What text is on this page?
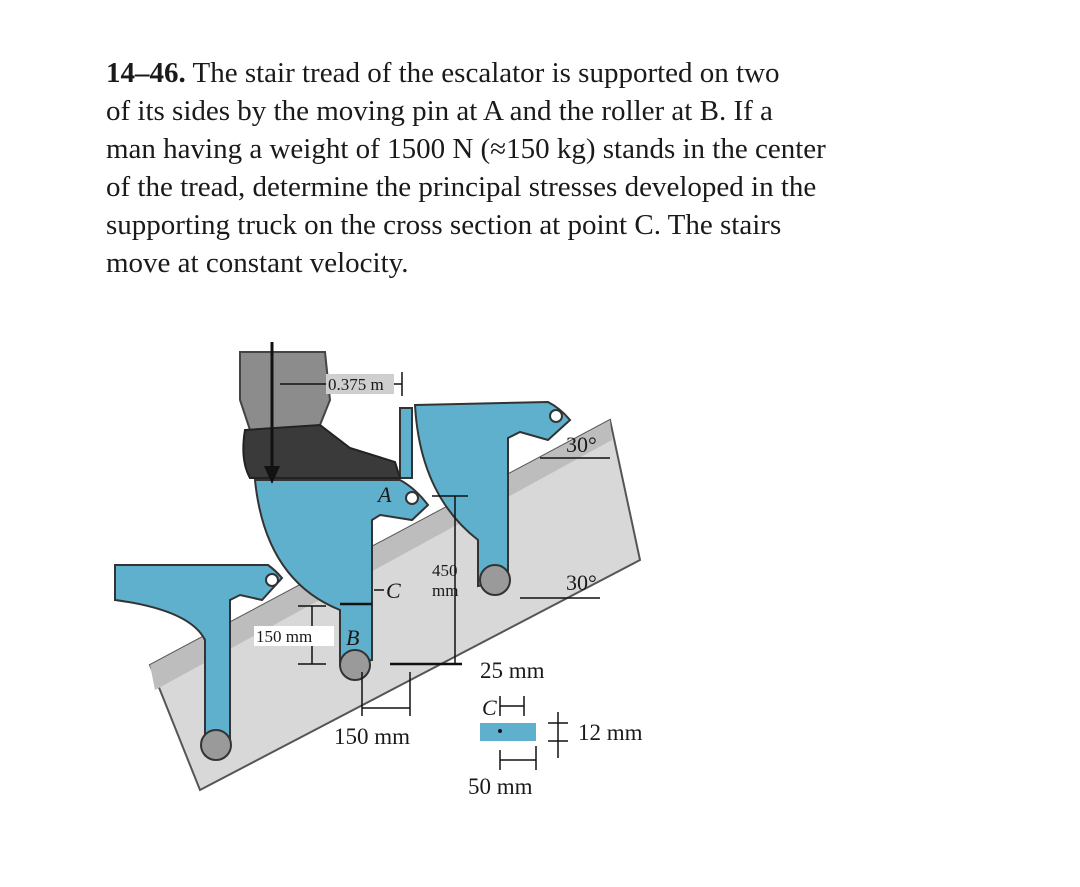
14–46. The stair tread of the escalator is supported on two
of its sides by the moving pin at A and the roller at B. If a
man having a weight of 1500 N (≈150 kg) stands in the center
of the tread, determine the principal stresses developed in the
supporting truck on the cross section at point C. The stairs
move at constant velocity.
0.375 m
30°
30°
A
C
B
450
mm
150 mm
150 mm
25 mm
C
12 mm
50 mm
